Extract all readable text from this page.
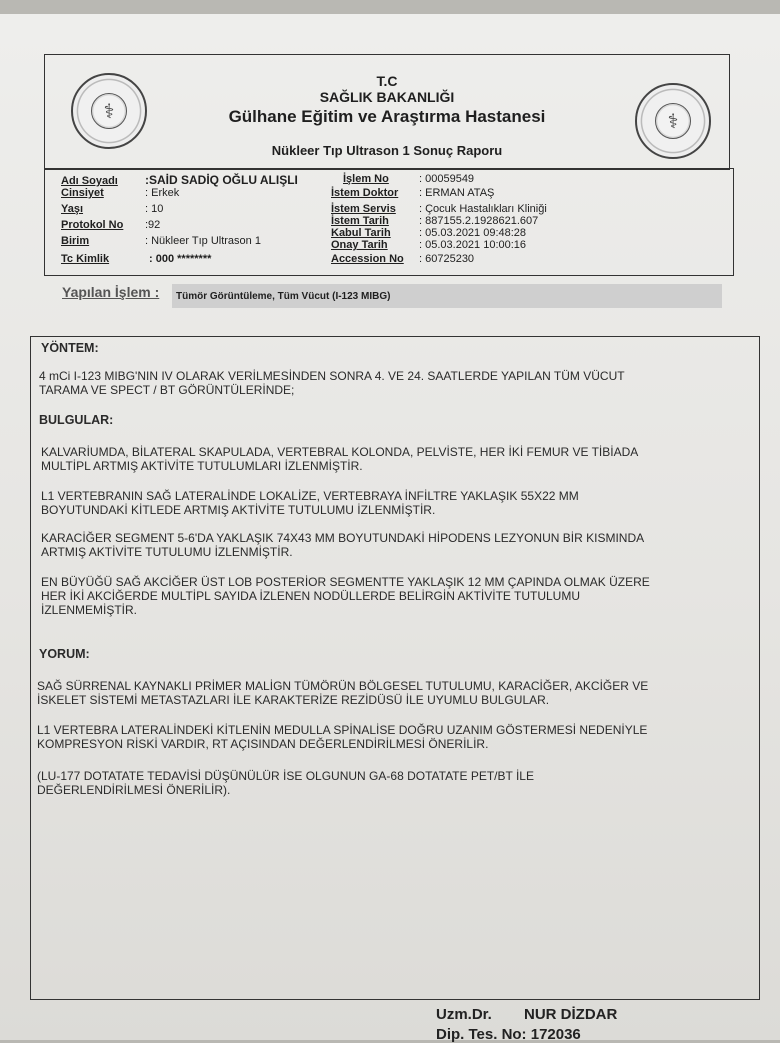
⚕	⚕
T.C
SAĞLIK BAKANLIĞI
Gülhane Eğitim ve Araştırma Hastanesi
Nükleer Tıp Ultrason 1 Sonuç Raporu
Adı Soyadı	:SAİD SADİQ OĞLU ALIŞLI
Cinsiyet	: Erkek
Yaşı	: 10
Protokol No	:92
Birim	: Nükleer Tıp Ultrason 1
Tc Kimlik	: 000 ********
İşlem No	: 00059549
İstem Doktor	: ERMAN ATAŞ
İstem Servis	: Çocuk Hastalıkları Kliniği
İstem Tarih	: 887155.2.1928621.607
Kabul Tarih	: 05.03.2021 09:48:28
Onay Tarih	: 05.03.2021 10:00:16
Accession No	: 60725230
Yapılan İşlem :	Tümör Görüntüleme, Tüm Vücut (I-123 MIBG)
YÖNTEM:
4 mCi I-123 MIBG'NIN IV OLARAK VERİLMESİNDEN SONRA 4. VE 24. SAATLERDE YAPILAN TÜM VÜCUT
TARAMA VE SPECT / BT GÖRÜNTÜLERİNDE;
BULGULAR:
KALVARİUMDA, BİLATERAL SKAPULADA, VERTEBRAL KOLONDA, PELVİSTE, HER İKİ FEMUR VE TİBİADA
MULTİPL ARTMIŞ AKTİVİTE TUTULUMLARI İZLENMİŞTİR.
L1 VERTEBRANIN SAĞ LATERALİNDE LOKALİZE, VERTEBRAYA İNFİLTRE YAKLAŞIK 55X22 MM
BOYUTUNDAKİ KİTLEDE ARTMIŞ AKTİVİTE TUTULUMU İZLENMİŞTİR.
KARACİĞER SEGMENT 5-6'DA YAKLAŞIK 74X43 MM BOYUTUNDAKİ HİPODENS LEZYONUN BİR KISMINDA
ARTMIŞ AKTİVİTE TUTULUMU İZLENMİŞTİR.
EN BÜYÜĞÜ SAĞ AKCİĞER ÜST LOB POSTERİOR SEGMENTTE YAKLAŞIK 12 MM ÇAPINDA OLMAK ÜZERE
HER İKİ AKCİĞERDE MULTİPL SAYIDA İZLENEN NODÜLLERDE BELİRGİN AKTİVİTE TUTULUMU
İZLENMEMİŞTİR.
YORUM:
SAĞ SÜRRENAL KAYNAKLI PRİMER MALİGN TÜMÖRÜN BÖLGESEL TUTULUMU, KARACİĞER, AKCİĞER VE
İSKELET SİSTEMİ METASTAZLARI İLE KARAKTERİZE REZİDÜSÜ İLE UYUMLU BULGULAR.
L1 VERTEBRA LATERALİNDEKİ KİTLENİN MEDULLA SPİNALİSE DOĞRU UZANIM GÖSTERMESİ NEDENİYLE
KOMPRESYON RİSKİ VARDIR, RT AÇISINDAN DEĞERLENDİRİLMESİ ÖNERİLİR.
(LU-177 DOTATATE TEDAVİSİ DÜŞÜNÜLÜR İSE OLGUNUN GA-68 DOTATATE PET/BT İLE
DEĞERLENDİRİLMESİ ÖNERİLİR).
Uzm.Dr. NUR DİZDAR
Dip. Tes. No: 172036
